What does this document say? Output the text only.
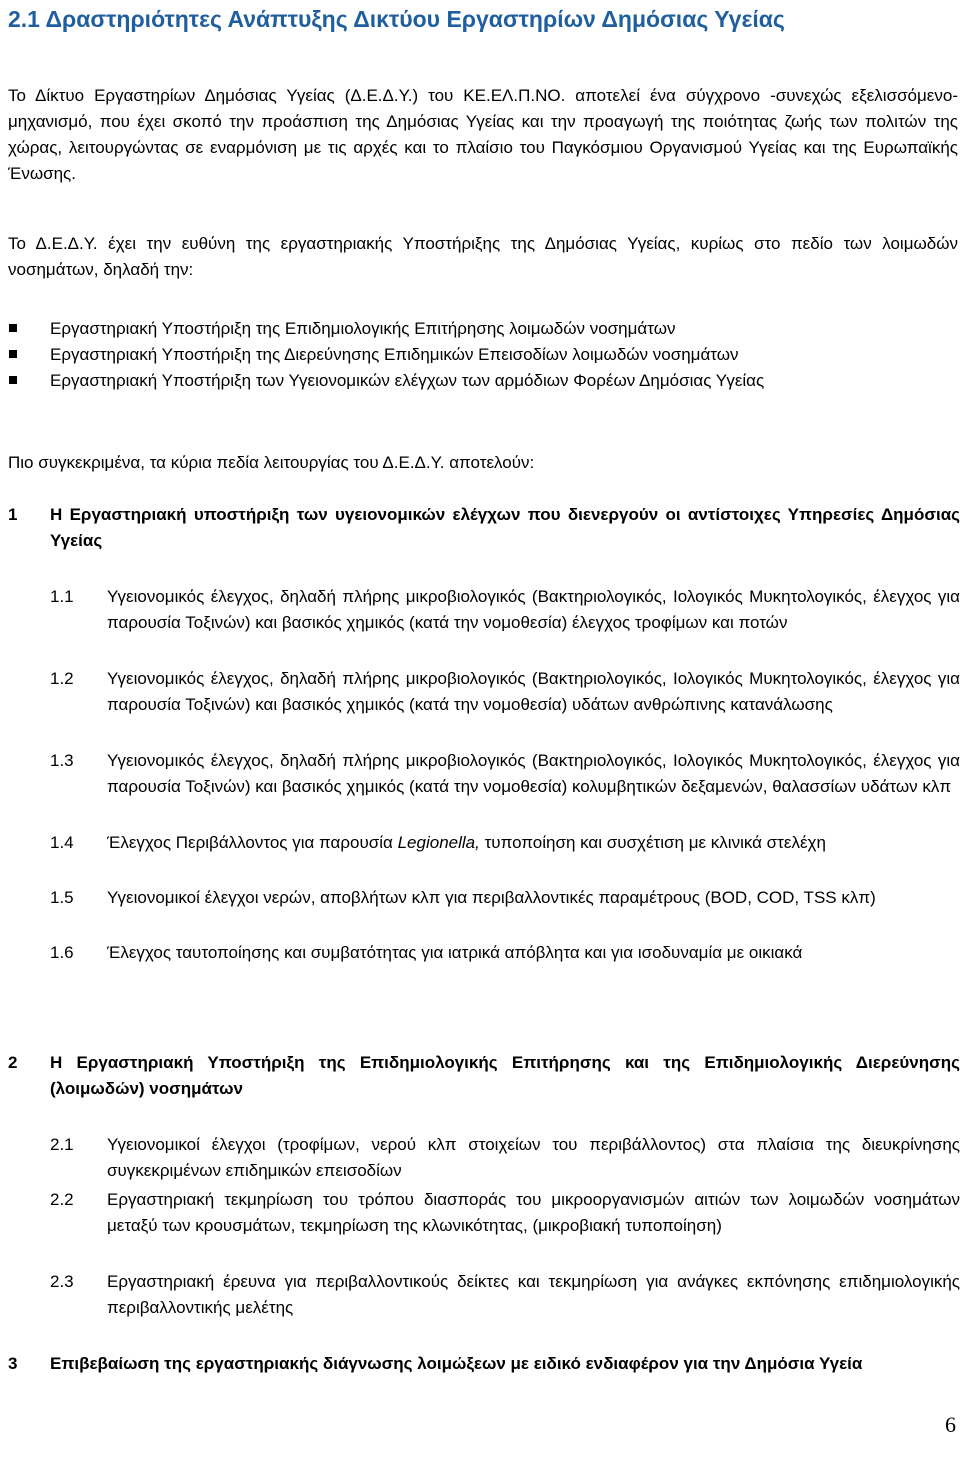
2.1 Δραστηριότητες Ανάπτυξης Δικτύου Εργαστηρίων Δημόσιας Υγείας

Το Δίκτυο Εργαστηρίων Δημόσιας Υγείας (Δ.Ε.Δ.Υ.) του ΚΕ.ΕΛ.Π.ΝΟ. αποτελεί ένα σύγχρονο -συνεχώς εξελισσόμενο- μηχανισμό, που έχει σκοπό την προάσπιση της Δημόσιας Υγείας και την προαγωγή της ποιότητας ζωής των πολιτών της χώρας, λειτουργώντας σε εναρμόνιση με τις αρχές και το πλαίσιο του Παγκόσμιου Οργανισμού Υγείας και της Ευρωπαϊκής Ένωσης.

Το Δ.Ε.Δ.Υ. έχει την ευθύνη της εργαστηριακής Υποστήριξης της Δημόσιας Υγείας, κυρίως στο πεδίο των λοιμωδών νοσημάτων, δηλαδή την:

Εργαστηριακή Υποστήριξη της Επιδημιολογικής Επιτήρησης λοιμωδών νοσημάτων
Εργαστηριακή Υποστήριξη της Διερεύνησης Επιδημικών Επεισοδίων λοιμωδών νοσημάτων
Εργαστηριακή Υποστήριξη των Υγειονομικών ελέγχων των αρμόδιων Φορέων Δημόσιας Υγείας

Πιο συγκεκριμένα, τα κύρια πεδία λειτουργίας του Δ.Ε.Δ.Υ. αποτελούν:

1 Η Εργαστηριακή υποστήριξη των υγειονομικών ελέγχων που διενεργούν οι αντίστοιχες Υπηρεσίες Δημόσιας Υγείας
1.1 Υγειονομικός έλεγχος, δηλαδή πλήρης μικροβιολογικός (Βακτηριολογικός, Ιολογικός Μυκητολογικός, έλεγχος για παρουσία Τοξινών) και βασικός χημικός (κατά την νομοθεσία) έλεγχος τροφίμων και ποτών
1.2 Υγειονομικός έλεγχος, δηλαδή πλήρης μικροβιολογικός (Βακτηριολογικός, Ιολογικός Μυκητολογικός, έλεγχος για παρουσία Τοξινών) και βασικός χημικός (κατά την νομοθεσία) υδάτων ανθρώπινης κατανάλωσης
1.3 Υγειονομικός έλεγχος, δηλαδή πλήρης μικροβιολογικός (Βακτηριολογικός, Ιολογικός Μυκητολογικός, έλεγχος για παρουσία Τοξινών) και βασικός χημικός (κατά την νομοθεσία) κολυμβητικών δεξαμενών, θαλασσίων υδάτων κλπ
1.4 Έλεγχος Περιβάλλοντος για παρουσία Legionella, τυποποίηση και συσχέτιση με κλινικά στελέχη
1.5 Υγειονομικοί έλεγχοι νερών, αποβλήτων κλπ για περιβαλλοντικές παραμέτρους (BOD, COD, TSS κλπ)
1.6 Έλεγχος ταυτοποίησης και συμβατότητας για ιατρικά απόβλητα και για ισοδυναμία με οικιακά
2 Η Εργαστηριακή Υποστήριξη της Επιδημιολογικής Επιτήρησης και της Επιδημιολογικής Διερεύνησης (λοιμωδών) νοσημάτων
2.1 Υγειονομικοί έλεγχοι (τροφίμων, νερού κλπ στοιχείων του περιβάλλοντος) στα πλαίσια της διευκρίνησης συγκεκριμένων επιδημικών επεισοδίων
2.2 Εργαστηριακή τεκμηρίωση του τρόπου διασποράς του μικροοργανισμών αιτιών των λοιμωδών νοσημάτων μεταξύ των κρουσμάτων, τεκμηρίωση της κλωνικότητας, (μικροβιακή τυποποίηση)
2.3 Εργαστηριακή έρευνα για περιβαλλοντικούς δείκτες και τεκμηρίωση για ανάγκες εκπόνησης επιδημιολογικής περιβαλλοντικής μελέτης
3 Επιβεβαίωση της εργαστηριακής διάγνωσης λοιμώξεων με ειδικό ενδιαφέρον για την Δημόσια Υγεία
6
